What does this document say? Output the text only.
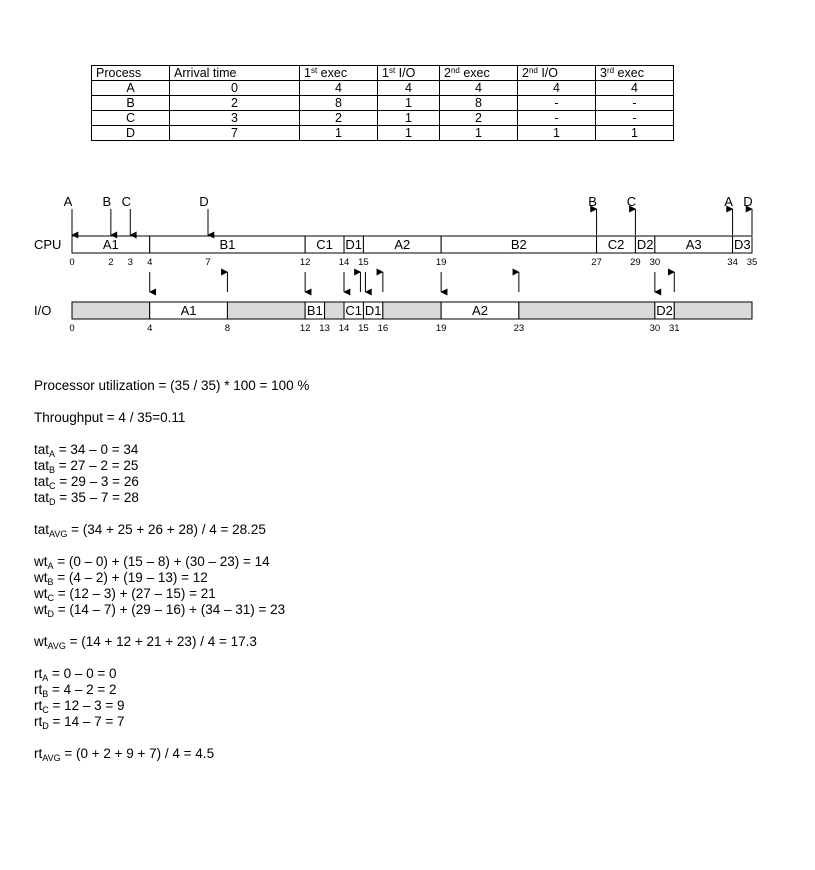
Process	Arrival time	1st exec	1st I/O	2nd exec	2nd I/O	3rd exec
A	0	4	4	4	4	4
B	2	8	1	8	-	-
C	3	2	1	2	-	-
D	7	1	1	1	1	1
CPU	A1	B1	C1 D1 A2	B2	C2 D2 A3 D3
0	2 3 4	7	12	14 15	19	27	29 30	34 35
A B C	D	B C	A D
I/O	A1	B1 C1 D1	A2	D2
0	4	8	12 13 14 15 16	19	23	30 31
Processor utilization = (35 / 35) * 100 = 100 %
Throughput = 4 / 35=0.11
tat$_A$ = 34 – 0 = 34
tat$_B$ = 27 – 2 = 25
tat$_C$ = 29 – 3 = 26
tat$_D$ = 35 – 7 = 28
tat$_{AVG}$ = (34 + 25 + 26 + 28) / 4 = 28.25
$wt_A = (0 - 0) + (15 - 8) + (30 - 23) = 14$
$wt_B = (4 - 2) + (19 - 13) = 12$
$wt_C = (12 - 3) + (27 - 15) = 21$
$wt_D = (14 - 7) + (29 - 16) + (34 - 31) = 23$
$wt_{AVG} = (14 + 12 + 21 + 23) / 4 = 17.3$
$rt_A = 0 - 0 = 0$
$rt_B = 4 - 2 = 2$
$rt_C = 12 - 3 = 9$
$rt_D = 14 - 7 = 7$
$rt_{AVG} = (0 + 2 + 9 + 7) / 4 = 4.5$
